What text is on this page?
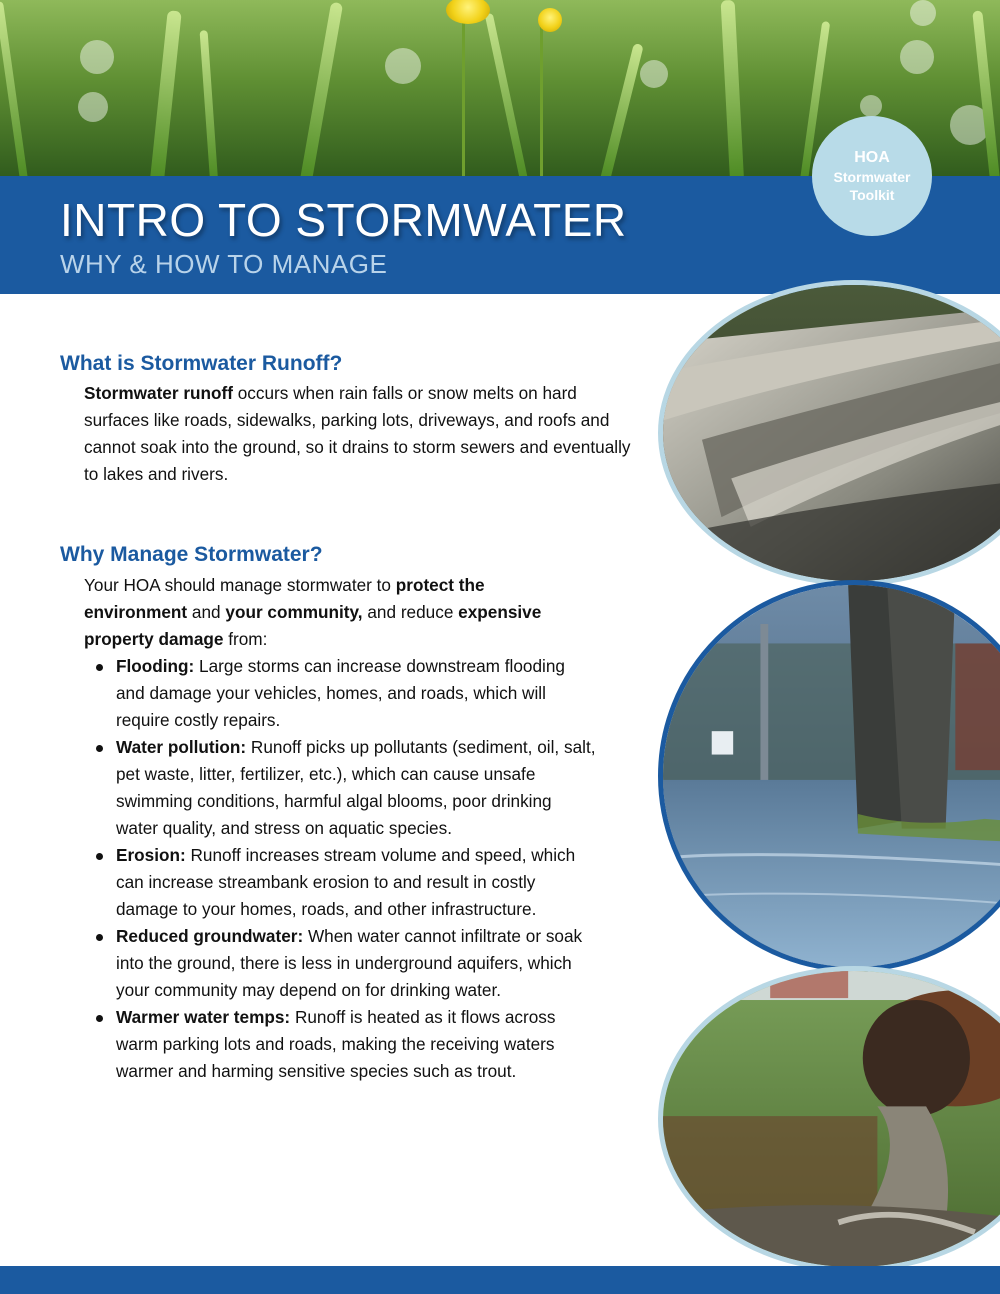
INTRO TO STORMWATER
WHY & HOW TO MANAGE
HOA
Stormwater
Toolkit
What is Stormwater Runoff?

Stormwater runoff occurs when rain falls or snow melts on hard surfaces like roads, sidewalks, parking lots, driveways, and roofs and cannot soak into the ground, so it drains to storm sewers and eventually to lakes and rivers.

Why Manage Stormwater?

Your HOA should manage stormwater to protect the environment and your community, and reduce expensive property damage from:

Flooding: Large storms can increase downstream flooding and damage your vehicles, homes, and roads, which will require costly repairs.
Water pollution: Runoff picks up pollutants (sediment, oil, salt, pet waste, litter, fertilizer, etc.), which can cause unsafe swimming conditions, harmful algal blooms, poor drinking water quality, and stress on aquatic species.
Erosion: Runoff increases stream volume and speed, which can increase streambank erosion to and result in costly damage to your homes, roads, and other infrastructure.
Reduced groundwater: When water cannot infiltrate or soak into the ground, there is less in underground aquifers, which your community may depend on for drinking water.
Warmer water temps: Runoff is heated as it flows across warm parking lots and roads, making the receiving waters warmer and harming sensitive species such as trout.
